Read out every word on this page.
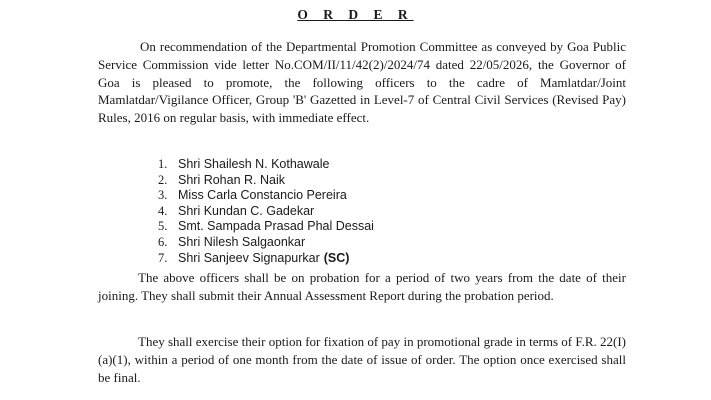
O R D E R

On recommendation of the Departmental Promotion Committee as conveyed by Goa Public Service Commission vide letter No.COM/II/11/42(2)/2024/74 dated 22/05/2026, the Governor of Goa is pleased to promote, the following officers to the cadre of Mamlatdar/Joint Mamlatdar/Vigilance Officer, Group 'B' Gazetted in Level-7 of Central Civil Services (Revised Pay) Rules, 2016 on regular basis, with immediate effect.

1. Shri Shailesh N. Kothawale
2. Shri Rohan R. Naik
3. Miss Carla Constancio Pereira
4. Shri Kundan C. Gadekar
5. Smt. Sampada Prasad Phal Dessai
6. Shri Nilesh Salgaonkar
7. Shri Sanjeev Signapurkar (SC)

The above officers shall be on probation for a period of two years from the date of their joining. They shall submit their Annual Assessment Report during the probation period.

They shall exercise their option for fixation of pay in promotional grade in terms of F.R. 22(I)(a)(1), within a period of one month from the date of issue of order. The option once exercised shall be final.
